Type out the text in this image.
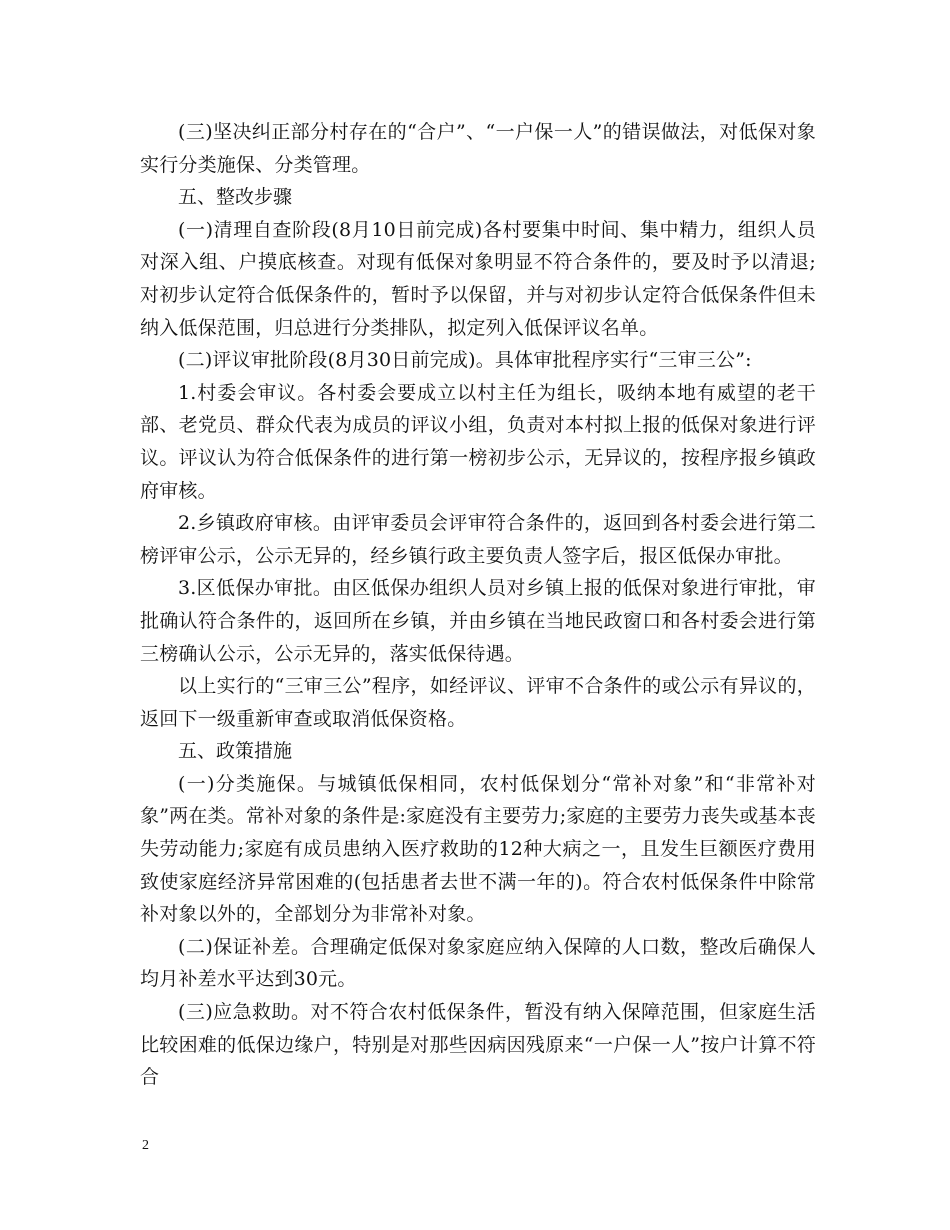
(三)坚决纠正部分村存在的“合户”、“一户保一人”的错误做法，对低保对象实行分类施保、分类管理。

五、整改步骤

(一)清理自查阶段(8月10日前完成)各村要集中时间、集中精力，组织人员对深入组、户摸底核查。对现有低保对象明显不符合条件的，要及时予以清退;对初步认定符合低保条件的，暂时予以保留，并与对初步认定符合低保条件但未纳入低保范围，归总进行分类排队，拟定列入低保评议名单。

(二)评议审批阶段(8月30日前完成)。具体审批程序实行“三审三公”:

1.村委会审议。各村委会要成立以村主任为组长，吸纳本地有威望的老干部、老党员、群众代表为成员的评议小组，负责对本村拟上报的低保对象进行评议。评议认为符合低保条件的进行第一榜初步公示，无异议的，按程序报乡镇政府审核。

2.乡镇政府审核。由评审委员会评审符合条件的，返回到各村委会进行第二榜评审公示，公示无异的，经乡镇行政主要负责人签字后，报区低保办审批。

3.区低保办审批。由区低保办组织人员对乡镇上报的低保对象进行审批，审批确认符合条件的，返回所在乡镇，并由乡镇在当地民政窗口和各村委会进行第三榜确认公示，公示无异的，落实低保待遇。

以上实行的“三审三公”程序，如经评议、评审不合条件的或公示有异议的，返回下一级重新审查或取消低保资格。

五、政策措施

(一)分类施保。与城镇低保相同，农村低保划分“常补对象”和“非常补对象”两在类。常补对象的条件是:家庭没有主要劳力;家庭的主要劳力丧失或基本丧失劳动能力;家庭有成员患纳入医疗救助的12种大病之一，且发生巨额医疗费用致使家庭经济异常困难的(包括患者去世不满一年的)。符合农村低保条件中除常补对象以外的，全部划分为非常补对象。

(二)保证补差。合理确定低保对象家庭应纳入保障的人口数，整改后确保人均月补差水平达到30元。

(三)应急救助。对不符合农村低保条件，暂没有纳入保障范围，但家庭生活比较困难的低保边缘户，特别是对那些因病因残原来“一户保一人”按户计算不符合

2
